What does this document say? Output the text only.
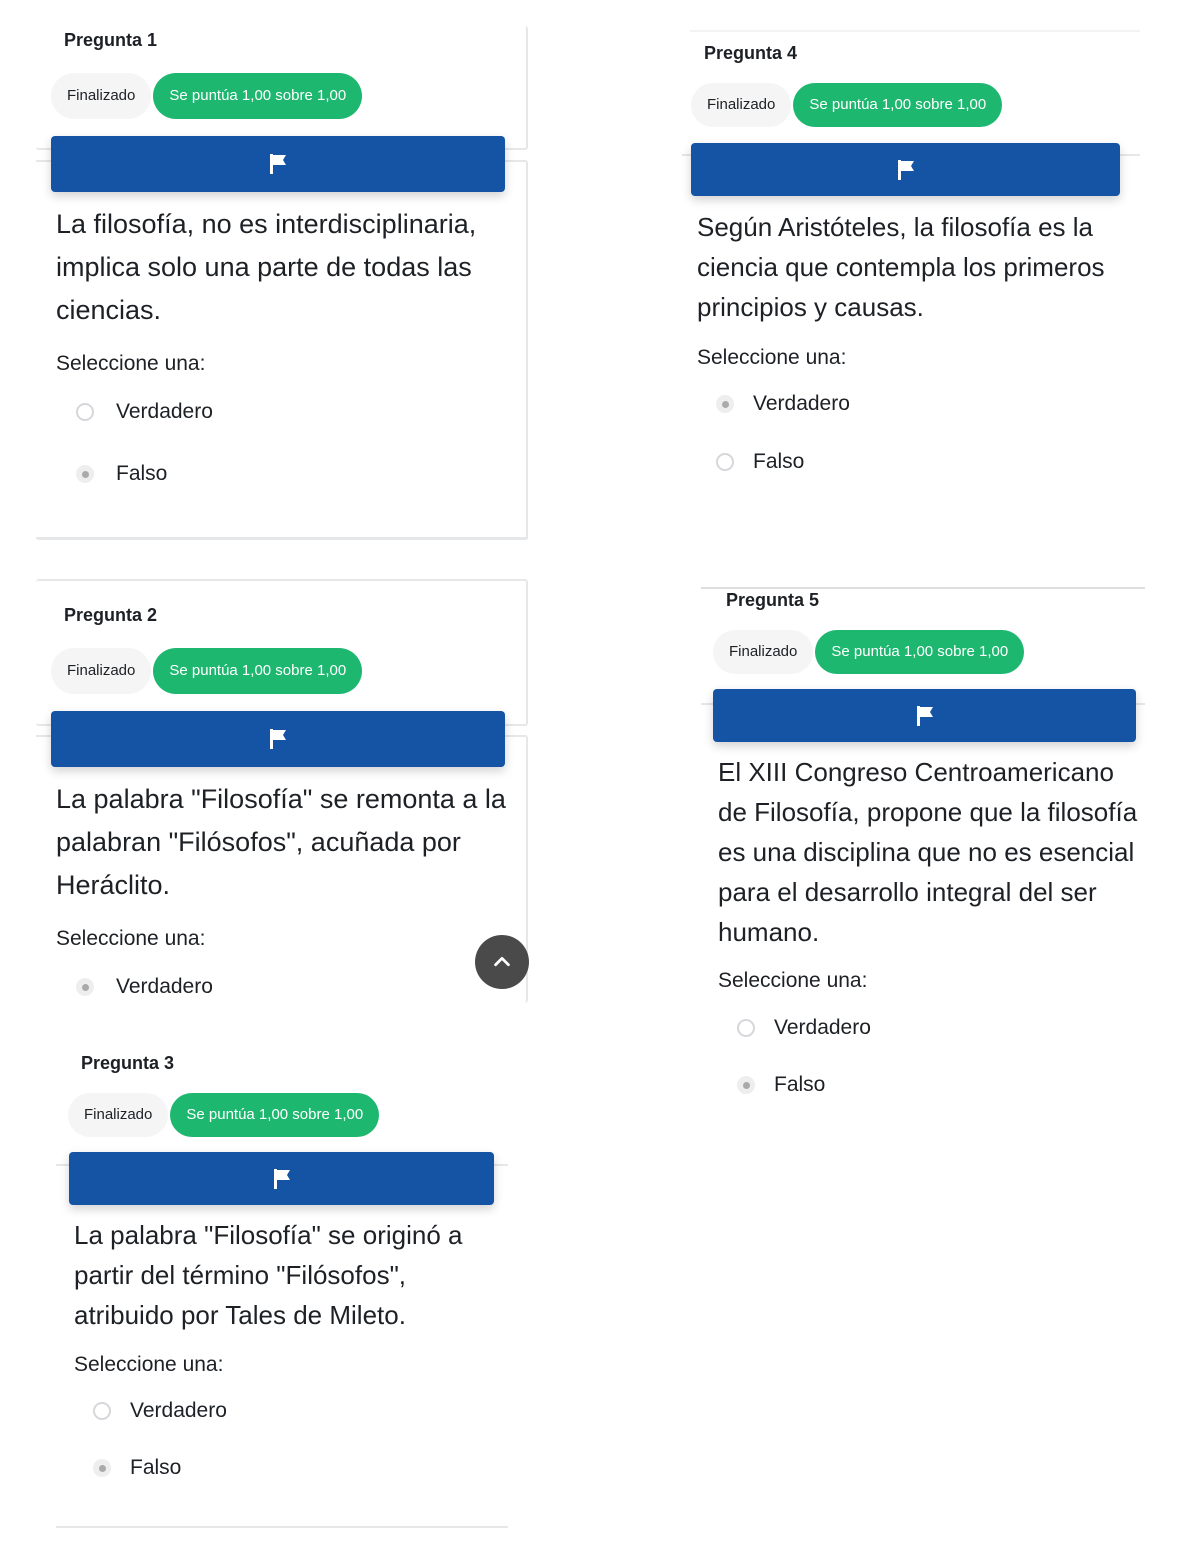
Pregunta 1
Finalizado	Se puntúa 1,00 sobre 1,00
La filosofía, no es interdisciplinaria, implica solo una parte de todas las ciencias.
Seleccione una:
Verdadero
Falso
Pregunta 2
Finalizado	Se puntúa 1,00 sobre 1,00
La palabra "Filosofía" se remonta a la palabran "Filósofos", acuñada por Heráclito.
Seleccione una:
Verdadero
Pregunta 3
Finalizado	Se puntúa 1,00 sobre 1,00
La palabra "Filosofía" se originó a partir del término "Filósofos", atribuido por Tales de Mileto.
Seleccione una:
Verdadero
Falso
Pregunta 4
Finalizado	Se puntúa 1,00 sobre 1,00
Según Aristóteles, la filosofía es la ciencia que contempla los primeros principios y causas.
Seleccione una:
Verdadero
Falso
Pregunta 5
Finalizado	Se puntúa 1,00 sobre 1,00
El XIII Congreso Centroamericano de Filosofía, propone que la filosofía es una disciplina que no es esencial para el desarrollo integral del ser humano.
Seleccione una:
Verdadero
Falso
